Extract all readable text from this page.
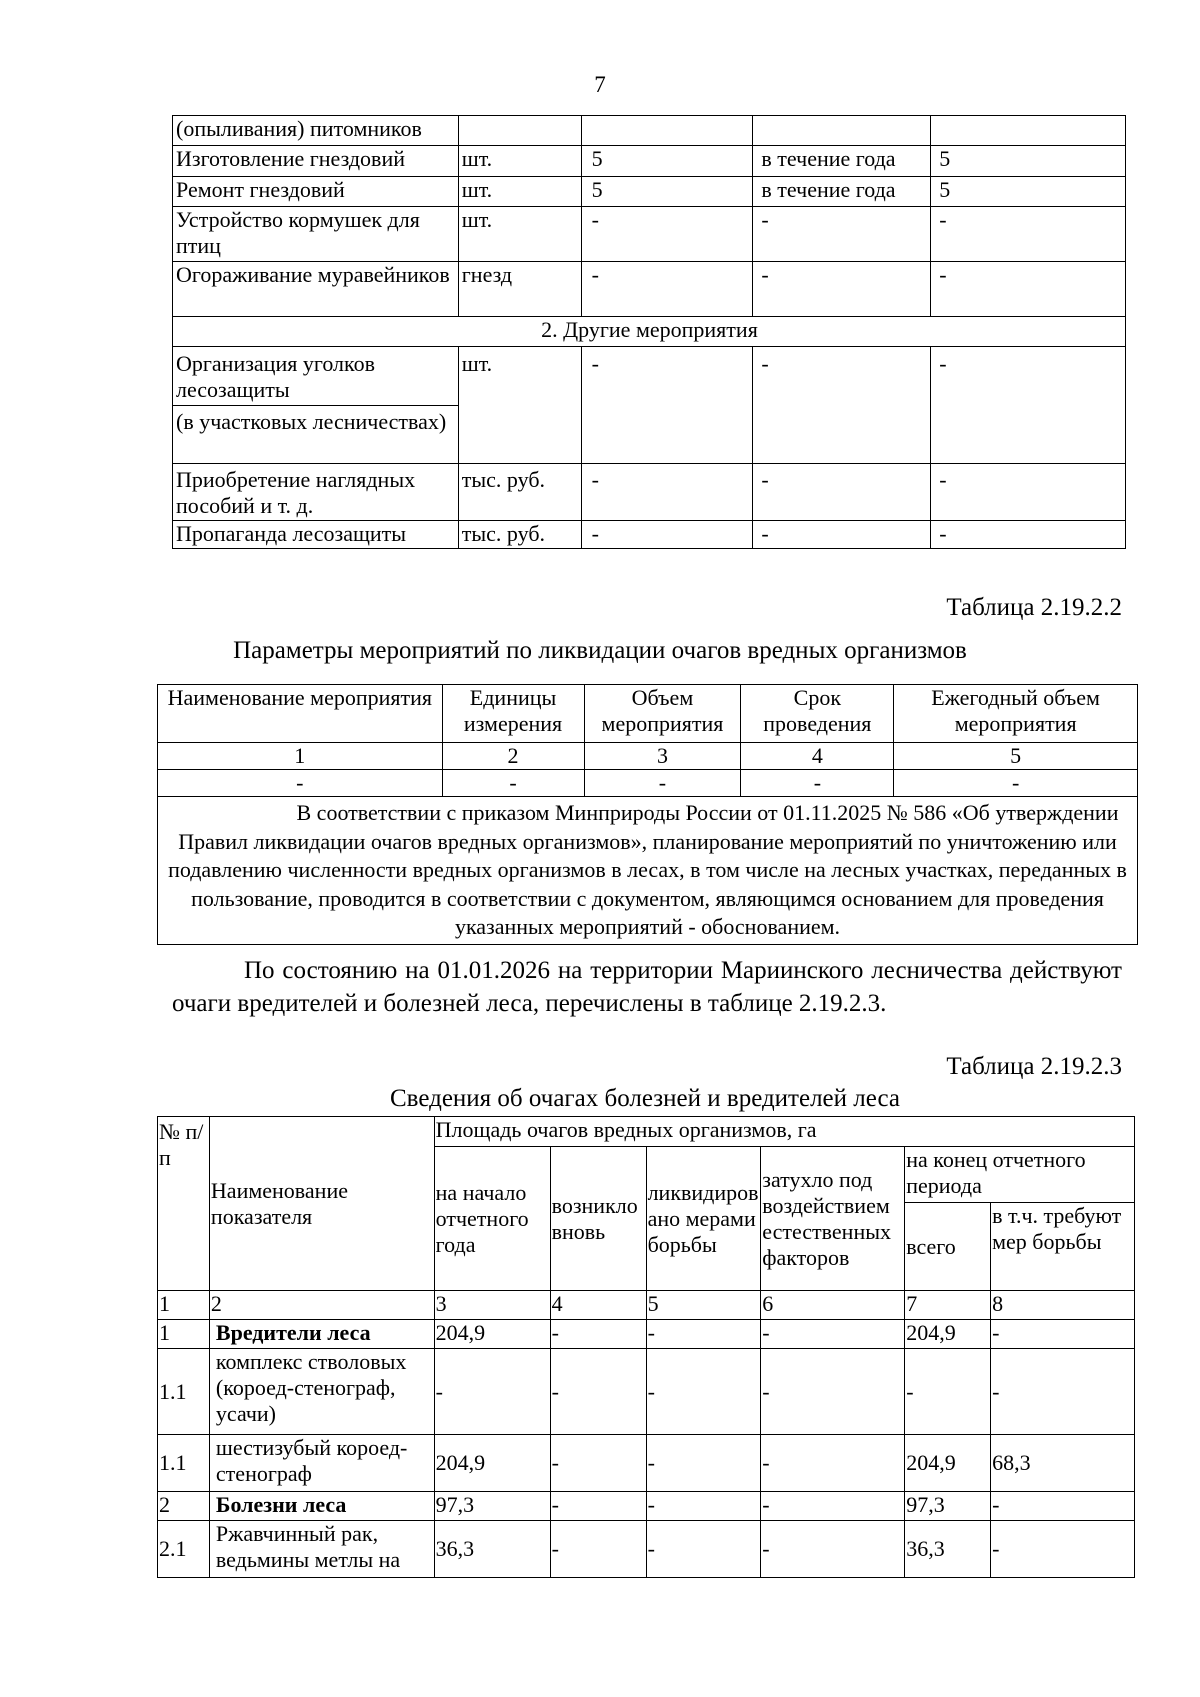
7
(опыливания) питомников				
Изготовление гнездовий	шт.	5	в течение года	5
Ремонт гнездовий	шт.	5	в течение года	5
Устройство кормушек для птиц	шт.	-	-	-
Огораживание муравейников	гнезд	-	-	-
2. Другие мероприятия				
Организация уголков лесозащиты	шт.	-	-	-
(в участковых лесничествах)				
Приобретение наглядных пособий и т. д.	тыс. руб.	-	-	-
Пропаганда лесозащиты	тыс. руб.	-	-	-
Таблица 2.19.2.2
Параметры мероприятий по ликвидации очагов вредных организмов
Наименование мероприятия	Единицы измерения	Объем мероприятия	Срок проведения	Ежегодный объем мероприятия
1	2	3	4	5
-	-	-	-	-
В соответствии с приказом Минприроды России от 01.11.2025 № 586 «Об утверждении Правил ликвидации очагов вредных организмов», планирование мероприятий по уничтожению или подавлению численности вредных организмов в лесах, в том числе на лесных участках, переданных в пользование, проводится в соответствии с документом, являющимся основанием для проведения указанных мероприятий - обоснованием.				
По состоянию на 01.01.2026 на территории Мариинского лесничества действуют очаги вредителей и болезней леса, перечислены в таблице 2.19.2.3.
Таблица 2.19.2.3
Сведения об очагах болезней и вредителей леса
№ п/п	Наименование показателя	Площадь очагов вредных организмов, га					
		на начало отчетного года	возникло вновь	ликвидировано мерами борьбы	затухло под воздействием естественных факторов	на конец отчетного периода	
						всего	в т.ч. требуют мер борьбы
1	2	3	4	5	6	7	8
1	Вредители леса	204,9	-	-	-	204,9	-
1.1	комплекс стволовых (короед-стенограф, усачи)	-	-	-	-	-	-
1.1	шестизубый короед-стенограф	204,9	-	-	-	204,9	68,3
2	Болезни леса	97,3	-	-	-	97,3	-
2.1	Ржавчинный рак, ведьмины метлы на	36,3	-	-	-	36,3	-
